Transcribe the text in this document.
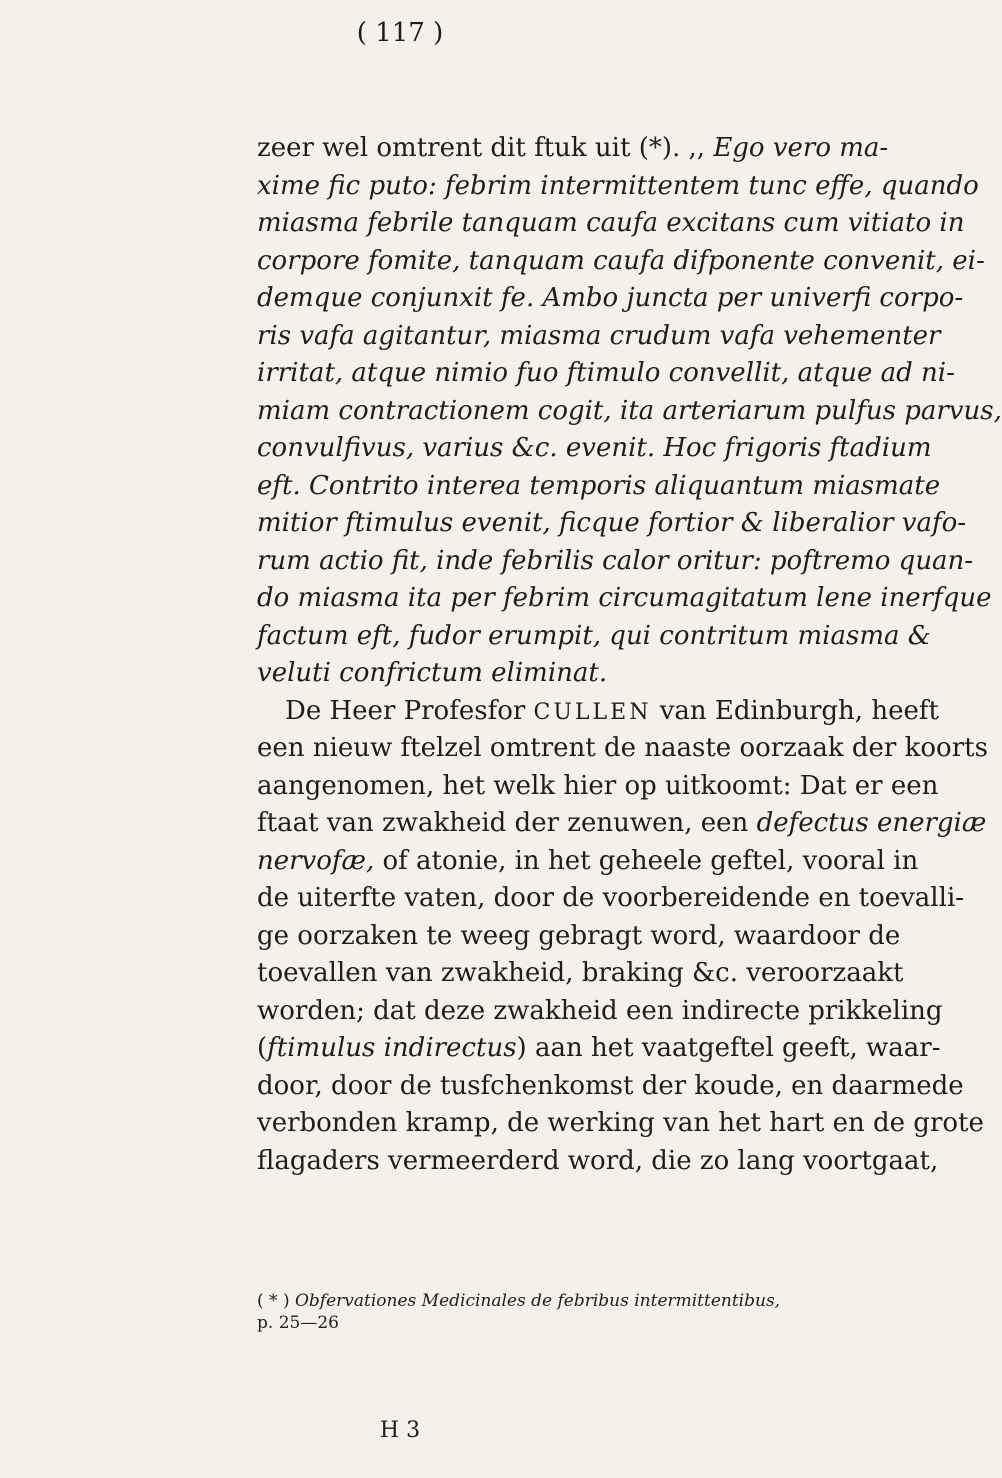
( 117 )
zeer wel omtrent dit ftuk uit (*). ,, Ego vero ma-
xime fic puto: febrim intermittentem tunc effe, quando
miasma febrile tanquam caufa excitans cum vitiato in
corpore fomite, tanquam caufa difponente convenit, ei-
demque conjunxit fe. Ambo juncta per univerfi corpo-
ris vafa agitantur, miasma crudum vafa vehementer
irritat, atque nimio fuo ftimulo convellit, atque ad ni-
miam contractionem cogit, ita arteriarum pulfus parvus,
convulfivus, varius &c. evenit. Hoc frigoris ftadium
eft. Contrito interea temporis aliquantum miasmate
mitior ftimulus evenit, ficque fortior & liberalior vafo-
rum actio fit, inde febrilis calor oritur: poftremo quan-
do miasma ita per febrim circumagitatum lene inerfque
factum eft, fudor erumpit, qui contritum miasma &
veluti confrictum eliminat.
De Heer Profesfor CULLEN van Edinburgh, heeft
een nieuw ftelzel omtrent de naaste oorzaak der koorts
aangenomen, het welk hier op uitkoomt: Dat er een
ftaat van zwakheid der zenuwen, een defectus energiæ
nervofæ, of atonie, in het geheele geftel, vooral in
de uiterfte vaten, door de voorbereidende en toevalli-
ge oorzaken te weeg gebragt word, waardoor de
toevallen van zwakheid, braking &c. veroorzaakt
worden; dat deze zwakheid een indirecte prikkeling
(ftimulus indirectus) aan het vaatgeftel geeft, waar-
door, door de tusfchenkomst der koude, en daarmede
verbonden kramp, de werking van het hart en de grote
flagaders vermeerderd word, die zo lang voortgaat,
( * ) Obfervationes Medicinales de febribus intermittentibus,
p. 25—26
H 3
